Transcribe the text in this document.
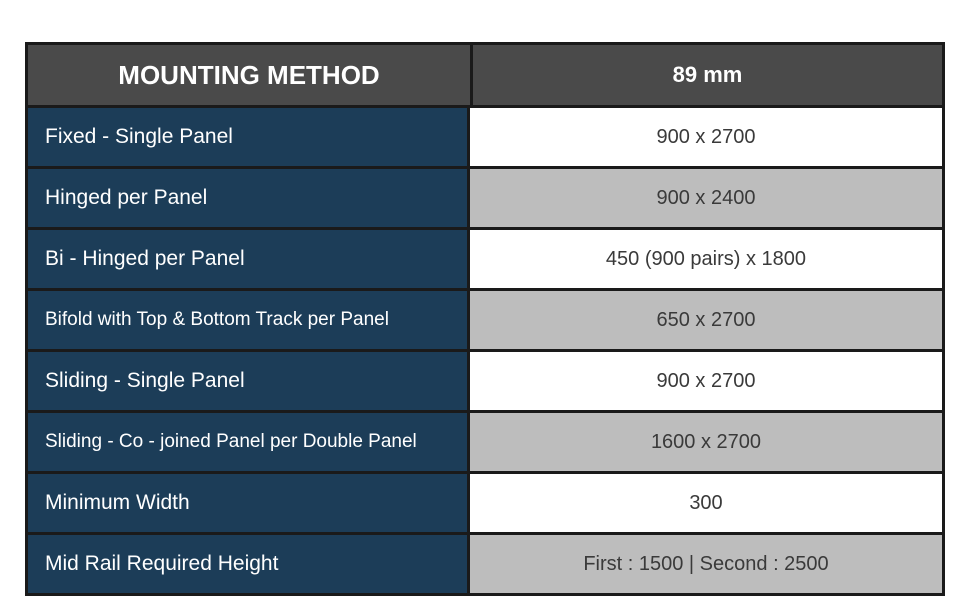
MOUNTING METHOD	89 mm
Fixed - Single Panel	900 x 2700
Hinged per Panel	900 x 2400
Bi - Hinged per Panel	450 (900 pairs) x 1800
Bifold with Top & Bottom Track per Panel	650 x 2700
Sliding - Single Panel	900 x 2700
Sliding - Co - joined Panel per Double Panel	1600 x 2700
Minimum Width	300
Mid Rail Required Height	First : 1500 | Second : 2500
